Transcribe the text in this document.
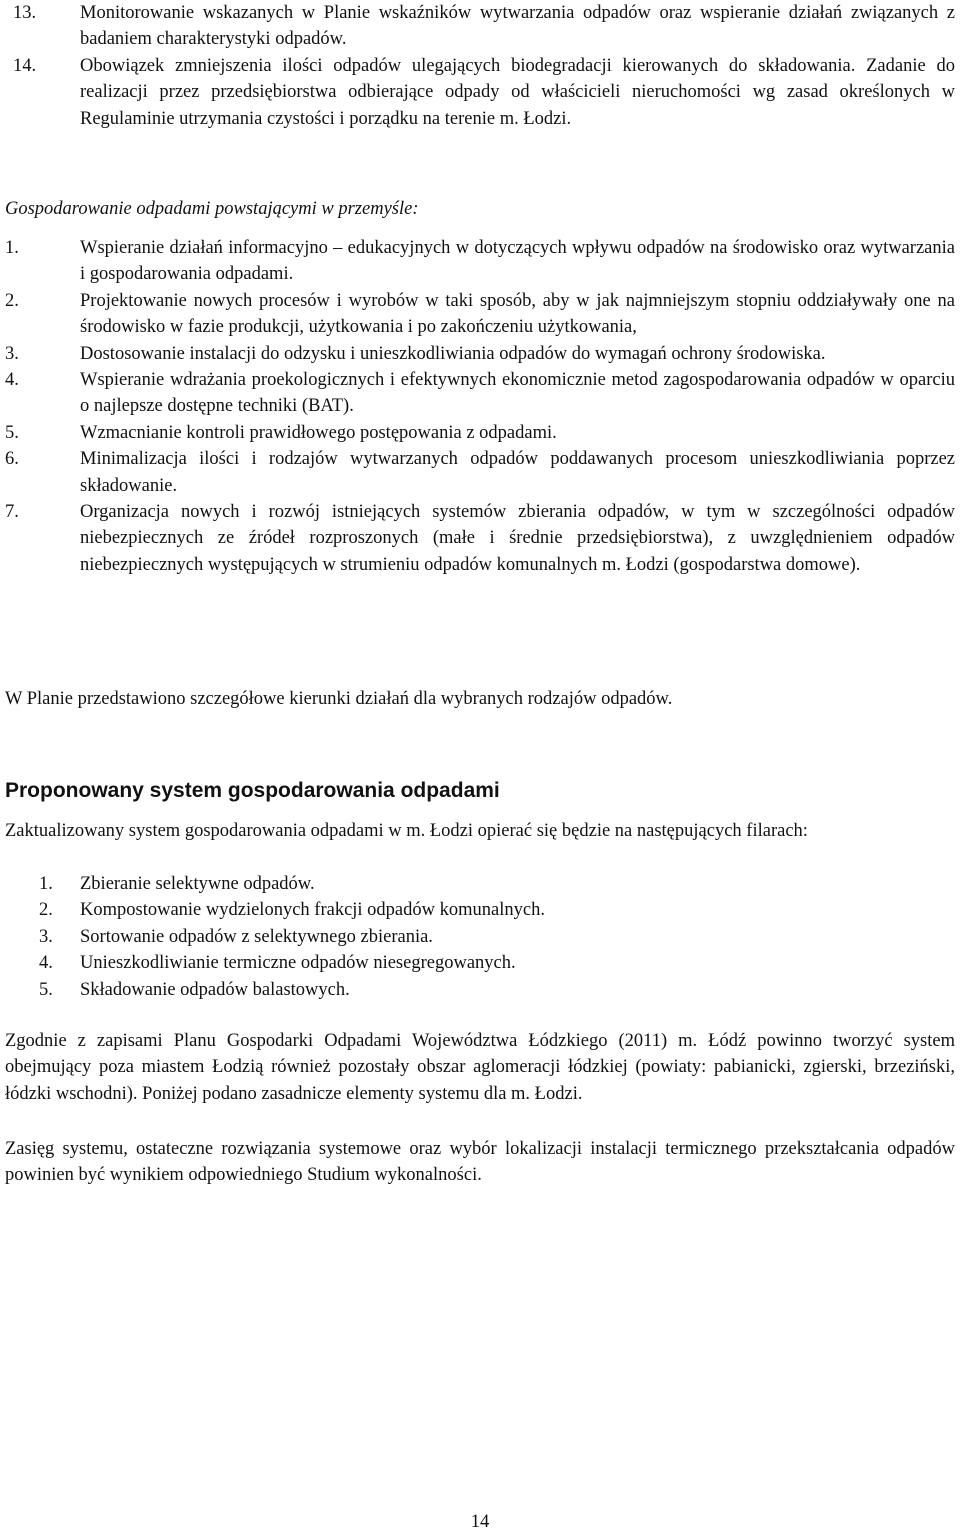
13.	Monitorowanie wskazanych w Planie wskaźników wytwarzania odpadów oraz wspieranie działań związanych z badaniem charakterystyki odpadów.
14.	Obowiązek zmniejszenia ilości odpadów ulegających biodegradacji kierowanych do składowania. Zadanie do realizacji przez przedsiębiorstwa odbierające odpady od właścicieli nieruchomości wg zasad określonych w Regulaminie utrzymania czystości i porządku na terenie m. Łodzi.

Gospodarowanie odpadami powstającymi w przemyśle:

1.	Wspieranie działań informacyjno – edukacyjnych w dotyczących wpływu odpadów na środowisko oraz wytwarzania i gospodarowania odpadami.
2.	Projektowanie nowych procesów i wyrobów w taki sposób, aby w jak najmniejszym stopniu oddziaływały one na środowisko w fazie produkcji, użytkowania i po zakończeniu użytkowania,
3.	Dostosowanie instalacji do odzysku i unieszkodliwiania odpadów do wymagań ochrony środowiska.
4.	Wspieranie wdrażania proekologicznych i efektywnych ekonomicznie metod zagospodarowania odpadów w oparciu o najlepsze dostępne techniki (BAT).
5.	Wzmacnianie kontroli prawidłowego postępowania z odpadami.
6.	Minimalizacja ilości i rodzajów wytwarzanych odpadów poddawanych procesom unieszkodliwiania poprzez składowanie.
7.	Organizacja nowych i rozwój istniejących systemów zbierania odpadów, w tym w szczególności odpadów niebezpiecznych ze źródeł rozproszonych (małe i średnie przedsiębiorstwa), z uwzględnieniem odpadów niebezpiecznych występujących w strumieniu odpadów komunalnych m. Łodzi (gospodarstwa domowe).

W Planie przedstawiono szczegółowe kierunki działań dla wybranych rodzajów odpadów.

Proponowany system gospodarowania odpadami

Zaktualizowany system gospodarowania odpadami w m. Łodzi opierać się będzie na następujących filarach:

1.	Zbieranie selektywne odpadów.
2.	Kompostowanie wydzielonych frakcji odpadów komunalnych.
3.	Sortowanie odpadów z selektywnego zbierania.
4.	Unieszkodliwianie termiczne odpadów niesegregowanych.
5.	Składowanie odpadów balastowych.

Zgodnie z zapisami Planu Gospodarki Odpadami Województwa Łódzkiego (2011) m. Łódź powinno tworzyć system obejmujący poza miastem Łodzią również pozostały obszar aglomeracji łódzkiej (powiaty: pabianicki, zgierski, brzeziński, łódzki wschodni). Poniżej podano zasadnicze elementy systemu dla m. Łodzi.

Zasięg systemu, ostateczne rozwiązania systemowe oraz wybór lokalizacji instalacji termicznego przekształcania odpadów powinien być wynikiem odpowiedniego Studium wykonalności.

14
